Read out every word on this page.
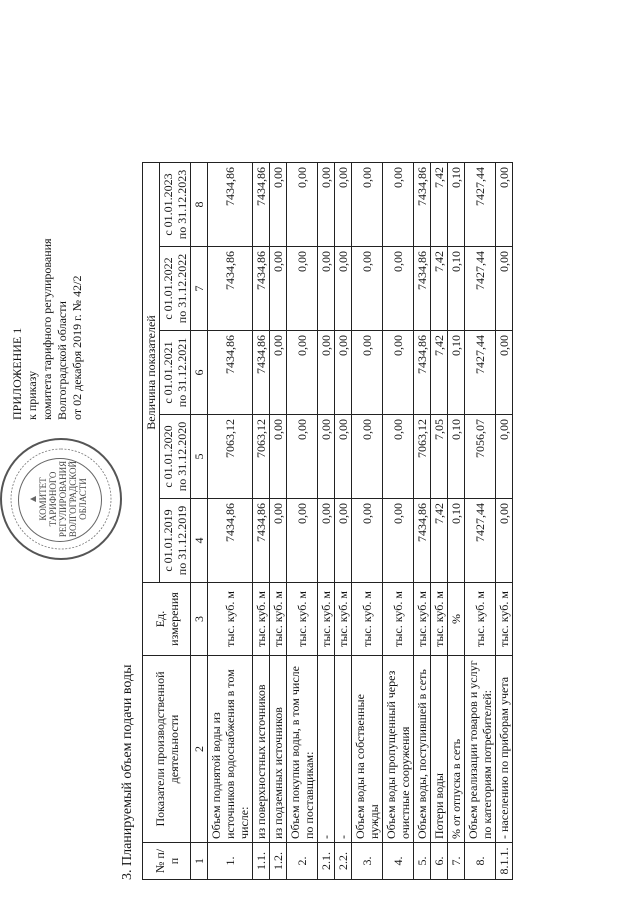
КОМИТЕТ ТАРИФНОГО РЕГУЛИРОВАНИЯ ВОЛГОГРАДСКОЙ ОБЛАСТИ
ПРИЛОЖЕНИЕ 1 к приказу комитета тарифного регулирования Волгоградской области от 02 декабря 2019 г. № 42/2
3. Планируемый объем подачи воды № п/п	Показатели производственной деятельности	Ед. измерения	Величина показателей				
			с 01.01.2019 по 31.12.2019	с 01.01.2020 по 31.12.2020	с 01.01.2021 по 31.12.2021	с 01.01.2022 по 31.12.2022	с 01.01.2023 по 31.12.2023
1	2	3	4	5	6	7	8
1.	Объем поднятой воды из источников водоснабжения в том числе:	тыс. куб. м	7434,86	7063,12	7434,86	7434,86	7434,86
1.1.	из поверхностных источников	тыс. куб. м	7434,86	7063,12	7434,86	7434,86	7434,86
1.2.	из подземных источников	тыс. куб. м	0,00	0,00	0,00	0,00	0,00
2.	Объем покупки воды, в том числе по поставщикам:	тыс. куб. м	0,00	0,00	0,00	0,00	0,00
2.1.	-	тыс. куб. м	0,00	0,00	0,00	0,00	0,00
2.2.	-	тыс. куб. м	0,00	0,00	0,00	0,00	0,00
3.	Объем воды на собственные нужды	тыс. куб. м	0,00	0,00	0,00	0,00	0,00
4.	Объем воды пропущенный через очистные сооружения	тыс. куб. м	0,00	0,00	0,00	0,00	0,00
5.	Объем воды, поступившей в сеть	тыс. куб. м	7434,86	7063,12	7434,86	7434,86	7434,86
6.	Потери воды	тыс. куб. м	7,42	7,05	7,42	7,42	7,42
7.	% от отпуска в сеть	%	0,10	0,10	0,10	0,10	0,10
8.	Объем реализации товаров и услуг по категориям потребителей:	тыс. куб. м	7427,44	7056,07	7427,44	7427,44	7427,44
8.1.1.	- населению по приборам учета	тыс. куб. м	0,00	0,00	0,00	0,00	0,00
